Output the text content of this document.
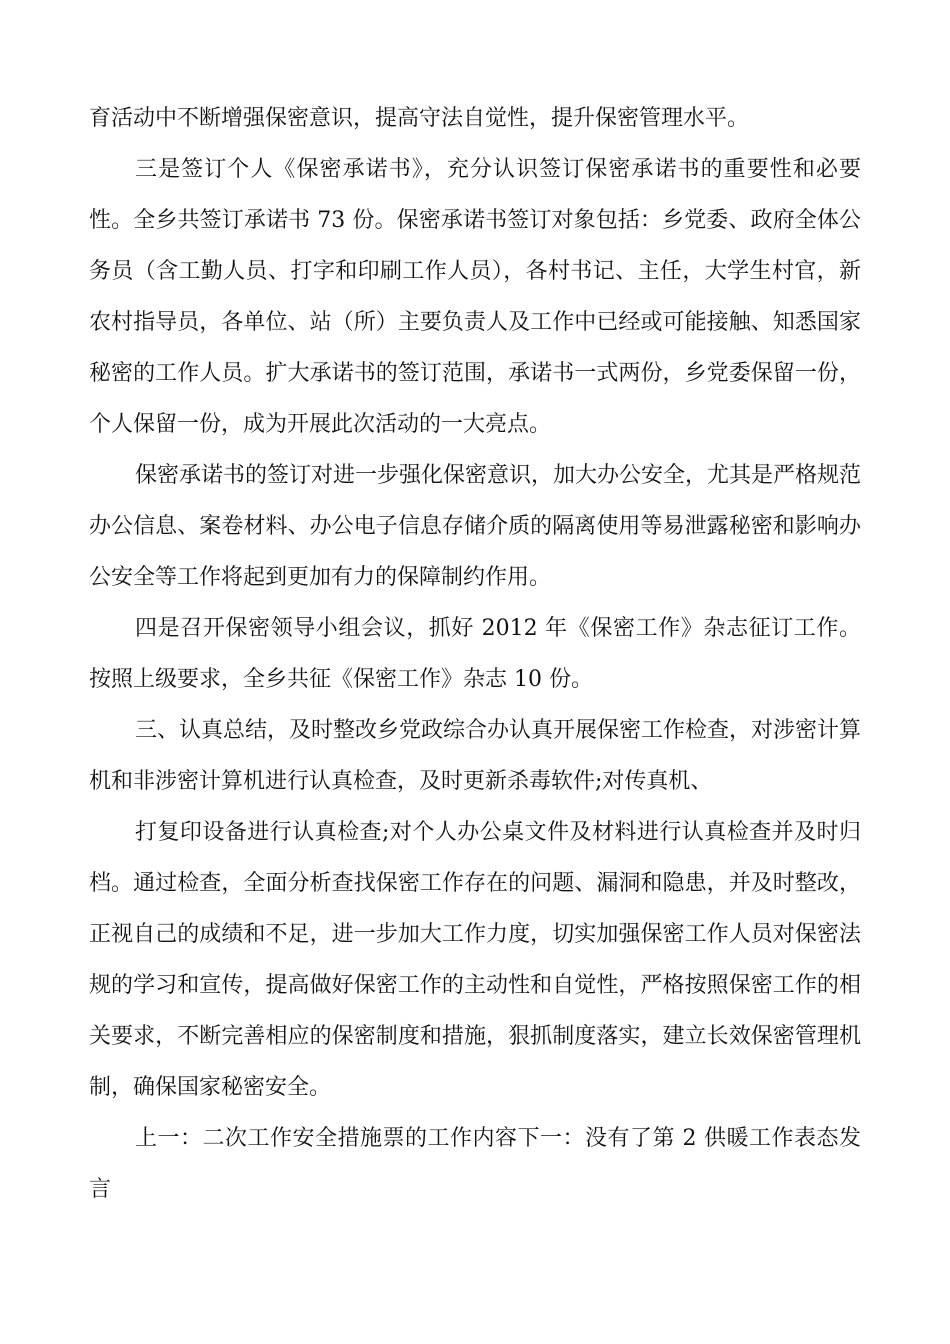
育活动中不断增强保密意识，提高守法自觉性，提升保密管理水平。

三是签订个人《保密承诺书》，充分认识签订保密承诺书的重要性和必要性。全乡共签订承诺书 73 份。保密承诺书签订对象包括：乡党委、政府全体公务员（含工勤人员、打字和印刷工作人员），各村书记、主任，大学生村官，新农村指导员，各单位、站（所）主要负责人及工作中已经或可能接触、知悉国家秘密的工作人员。扩大承诺书的签订范围，承诺书一式两份，乡党委保留一份，个人保留一份，成为开展此次活动的一大亮点。

保密承诺书的签订对进一步强化保密意识，加大办公安全，尤其是严格规范办公信息、案卷材料、办公电子信息存储介质的隔离使用等易泄露秘密和影响办公安全等工作将起到更加有力的保障制约作用。

四是召开保密领导小组会议，抓好 2012 年《保密工作》杂志征订工作。按照上级要求，全乡共征《保密工作》杂志 10 份。

三、认真总结，及时整改乡党政综合办认真开展保密工作检查，对涉密计算机和非涉密计算机进行认真检查，及时更新杀毒软件;对传真机、

打复印设备进行认真检查;对个人办公桌文件及材料进行认真检查并及时归档。通过检查，全面分析查找保密工作存在的问题、漏洞和隐患，并及时整改，正视自己的成绩和不足，进一步加大工作力度，切实加强保密工作人员对保密法规的学习和宣传，提高做好保密工作的主动性和自觉性，严格按照保密工作的相关要求，不断完善相应的保密制度和措施，狠抓制度落实，建立长效保密管理机制，确保国家秘密安全。

上一：二次工作安全措施票的工作内容下一：没有了第 2 供暖工作表态发言
